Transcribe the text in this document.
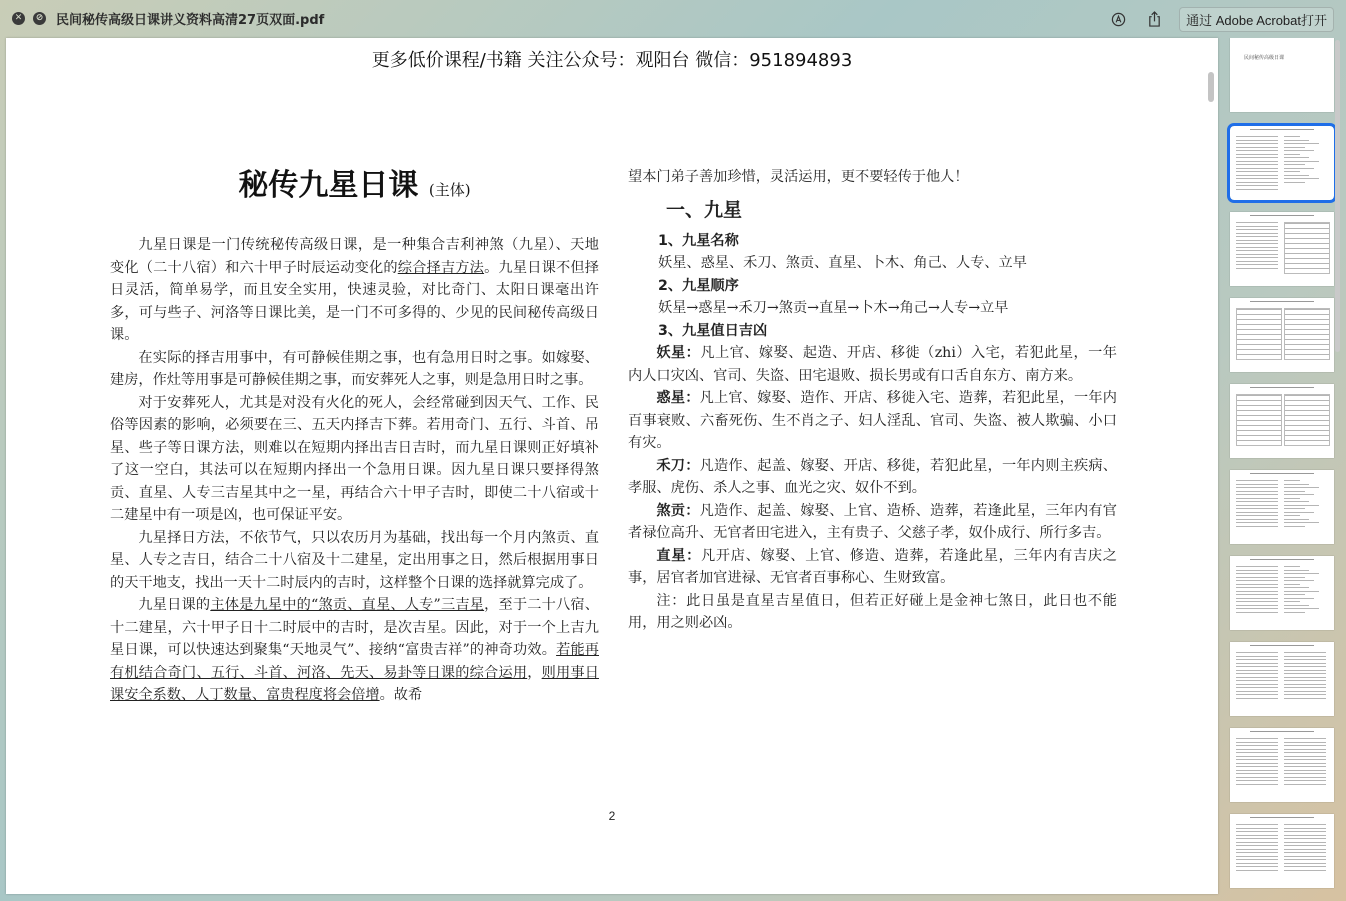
✕	⊘ 民间秘传高级日课讲义资料高清27页双面.pdf	通过 Adobe Acrobat打开
更多低价课程/书籍 关注公众号：观阳台 微信：951894893
秘传九星日课 (主体)

九星日课是一门传统秘传高级日课，是一种集合吉利神煞（九星）、天地变化（二十八宿）和六十甲子时辰运动变化的综合择吉方法。九星日课不但择日灵活，简单易学，而且安全实用，快速灵验，对比奇门、太阳日课毫出许多，可与些子、河洛等日课比美，是一门不可多得的、少见的民间秘传高级日课。

在实际的择吉用事中，有可静候佳期之事，也有急用日时之事。如嫁娶、建房，作灶等用事是可静候佳期之事，而安葬死人之事，则是急用日时之事。

对于安葬死人，尤其是对没有火化的死人，会经常碰到因天气、工作、民俗等因素的影响，必须要在三、五天内择吉下葬。若用奇门、五行、斗首、吊星、些子等日课方法，则难以在短期内择出吉日吉时，而九星日课则正好填补了这一空白，其法可以在短期内择出一个急用日课。因九星日课只要择得煞贡、直星、人专三吉星其中之一星，再结合六十甲子吉时，即使二十八宿或十二建星中有一项是凶，也可保证平安。

九星择日方法，不依节气，只以农历月为基础，找出每一个月内煞贡、直星、人专之吉日，结合二十八宿及十二建星，定出用事之日，然后根据用事日的天干地支，找出一天十二时辰内的吉时，这样整个日课的选择就算完成了。

九星日课的主体是九星中的“煞贡、直星、人专”三吉星，至于二十八宿、十二建星，六十甲子日十二时辰中的吉时，是次吉星。因此，对于一个上吉九星日课，可以快速达到聚集“天地灵气”、接纳“富贵吉祥”的神奇功效。若能再有机结合奇门、五行、斗首、河洛、先天、易卦等日课的综合运用，则用事日课安全系数、人丁数量、富贵程度将会倍增。故希

望本门弟子善加珍惜，灵活运用，更不要轻传于他人！

一、九星
1、九星名称
妖星、惑星、禾刀、煞贡、直星、卜木、角己、人专、立早
2、九星顺序
妖星→惑星→禾刀→煞贡→直星→卜木→角己→人专→立早
3、九星值日吉凶

妖星：凡上官、嫁娶、起造、开店、移徙（zhi）入宅，若犯此星，一年内人口灾凶、官司、失盗、田宅退败、损长男或有口舌自东方、南方来。

惑星：凡上官、嫁娶、造作、开店、移徙入宅、造葬，若犯此星，一年内百事衰败、六畜死伤、生不肖之子、妇人淫乱、官司、失盗、被人欺骗、小口有灾。

禾刀：凡造作、起盖、嫁娶、开店、移徙，若犯此星，一年内则主疾病、孝服、虎伤、杀人之事、血光之灾、奴仆不到。

煞贡：凡造作、起盖、嫁娶、上官、造桥、造葬，若逢此星，三年内有官者禄位高升、无官者田宅进入，主有贵子、父慈子孝，奴仆成行、所行多吉。

直星：凡开店、嫁娶、上官、修造、造葬，若逢此星，三年内有吉庆之事，居官者加官进禄、无官者百事称心、生财致富。

注：此日虽是直星吉星值日，但若正好碰上是金神七煞日，此日也不能用，用之则必凶。

2
民间秘传高级日课
